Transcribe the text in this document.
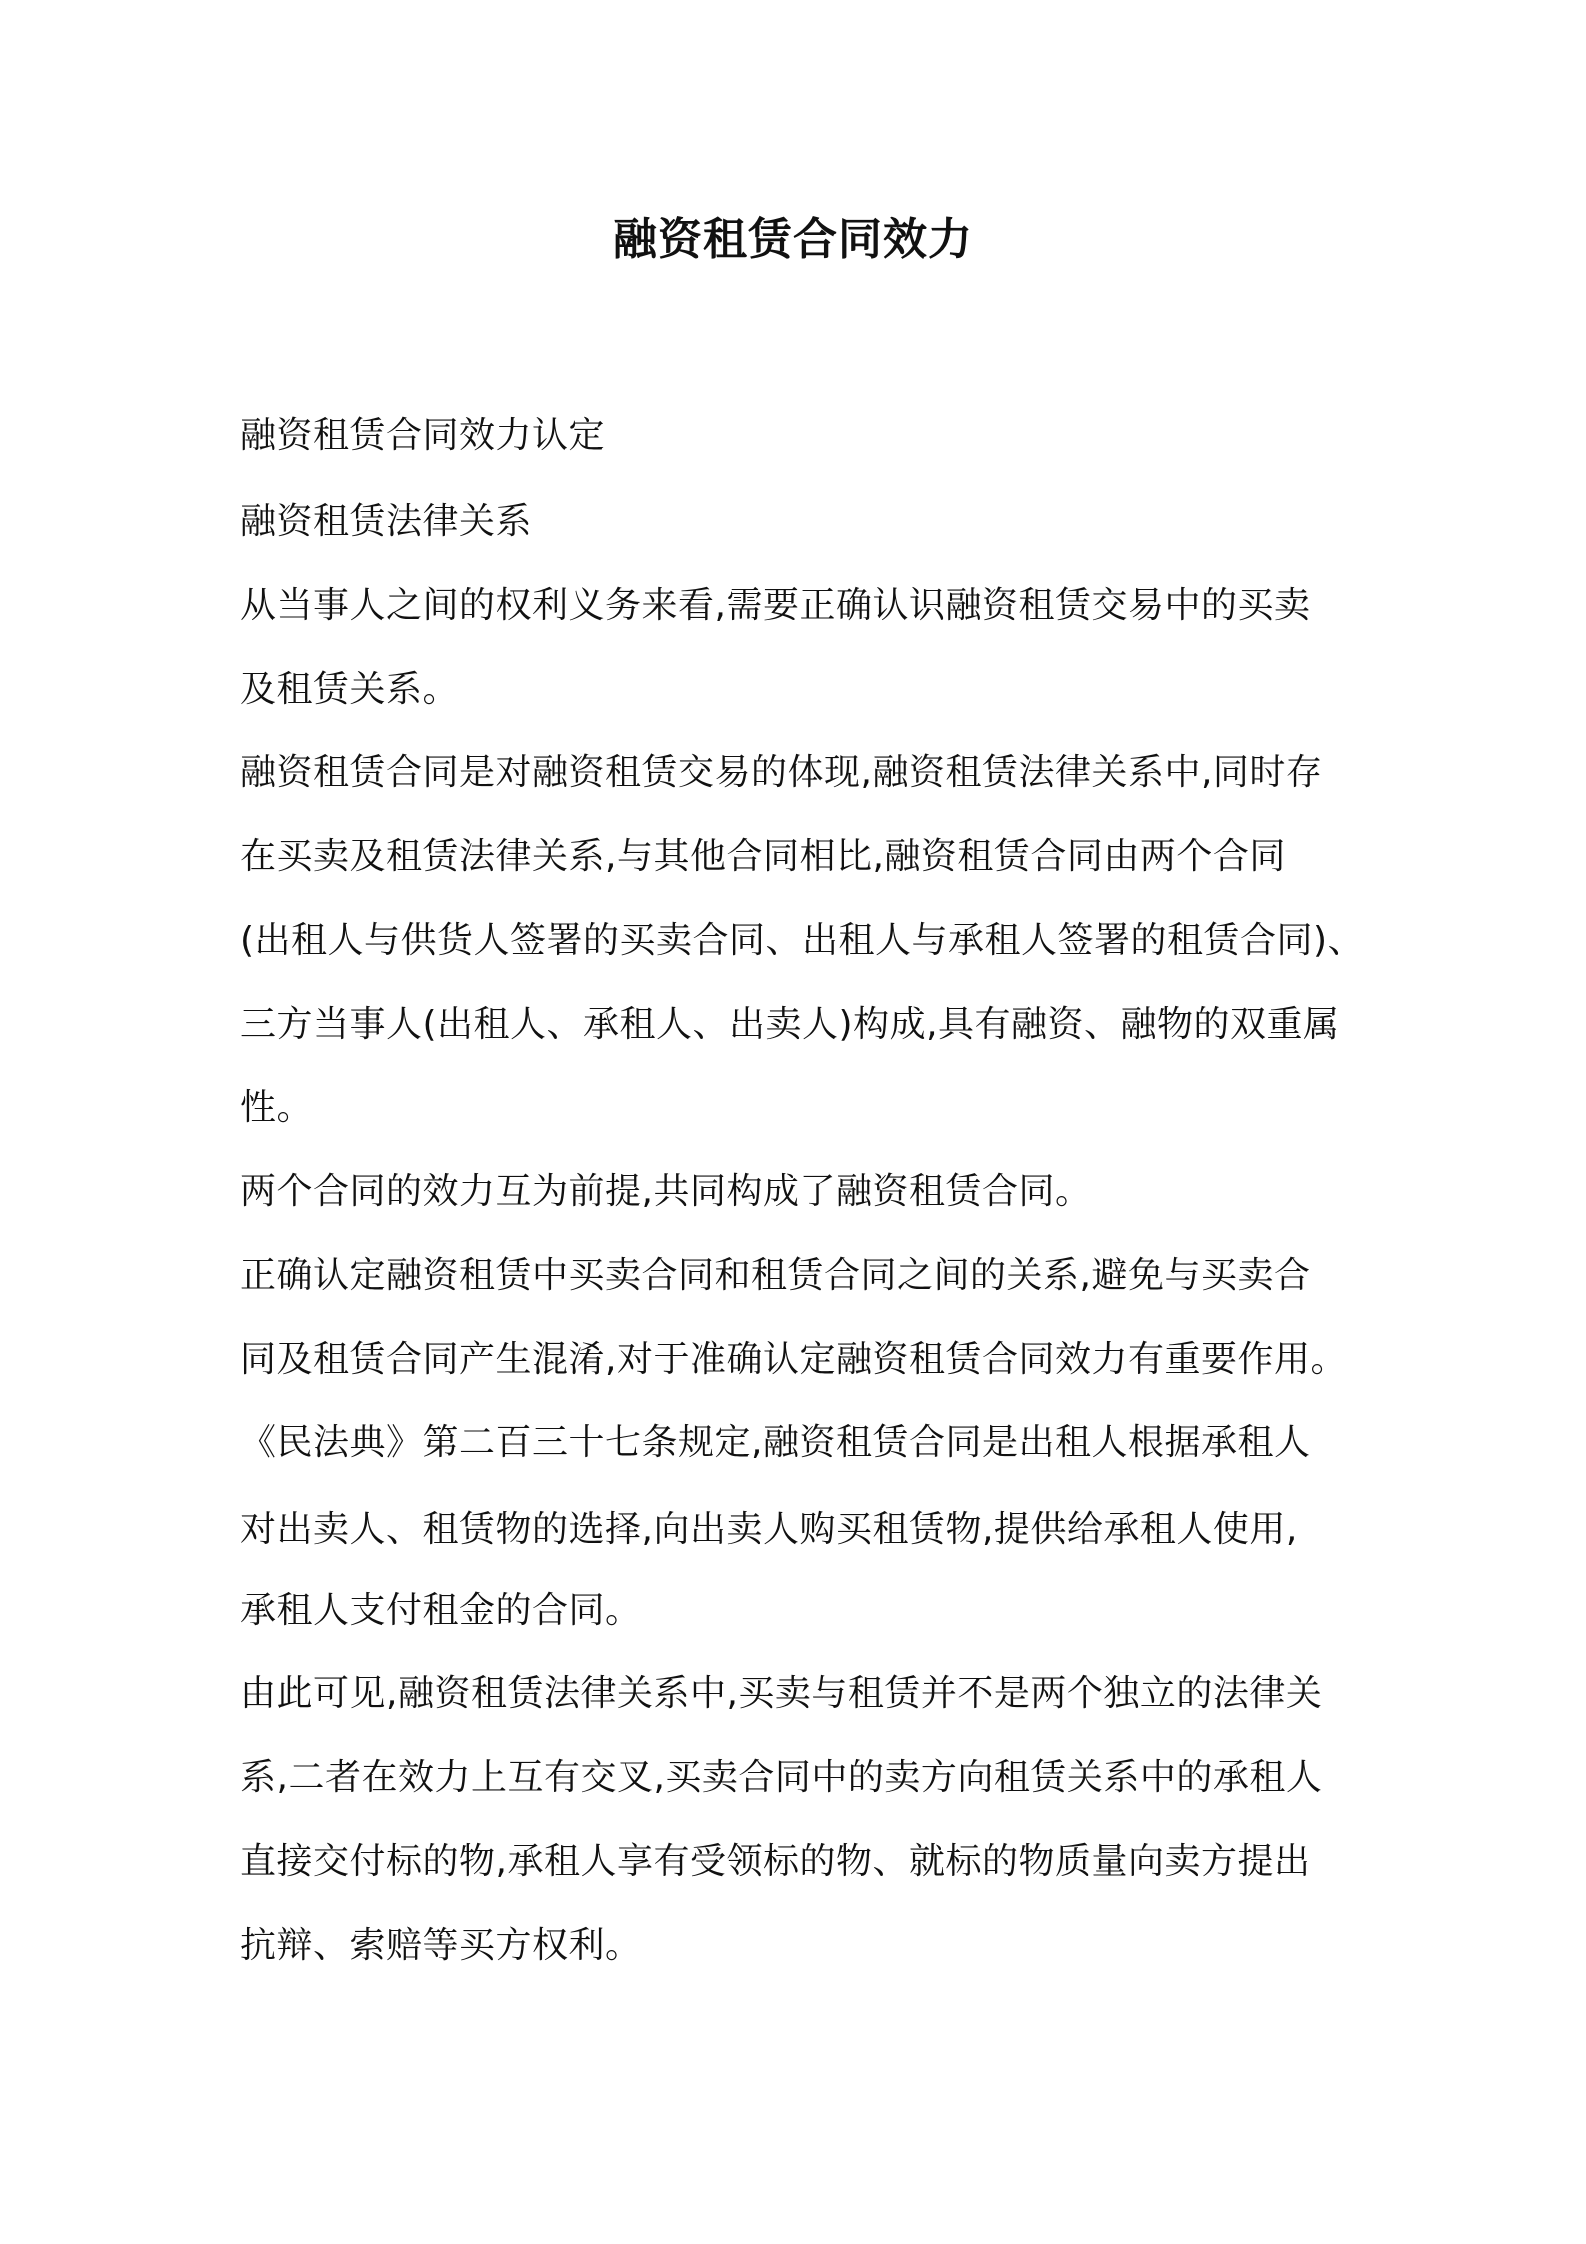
融资租赁合同效力
融资租赁合同效力认定
融资租赁法律关系
从当事人之间的权利义务来看,需要正确认识融资租赁交易中的买卖
及租赁关系。
融资租赁合同是对融资租赁交易的体现,融资租赁法律关系中,同时存
在买卖及租赁法律关系,与其他合同相比,融资租赁合同由两个合同
(出租人与供货人签署的买卖合同、出租人与承租人签署的租赁合同)、
三方当事人(出租人、承租人、出卖人)构成,具有融资、融物的双重属
性。
两个合同的效力互为前提,共同构成了融资租赁合同。
正确认定融资租赁中买卖合同和租赁合同之间的关系,避免与买卖合
同及租赁合同产生混淆,对于准确认定融资租赁合同效力有重要作用。
《民法典》第二百三十七条规定,融资租赁合同是出租人根据承租人
对出卖人、租赁物的选择,向出卖人购买租赁物,提供给承租人使用,
承租人支付租金的合同。
由此可见,融资租赁法律关系中,买卖与租赁并不是两个独立的法律关
系,二者在效力上互有交叉,买卖合同中的卖方向租赁关系中的承租人
直接交付标的物,承租人享有受领标的物、就标的物质量向卖方提出
抗辩、索赔等买方权利。
